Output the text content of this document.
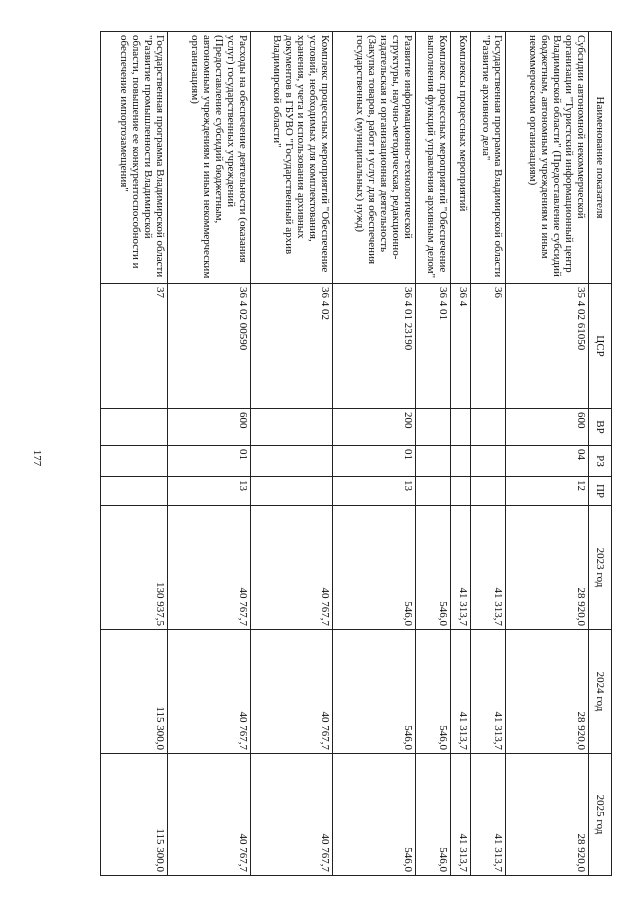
177
Наименование показателя	ЦСР	ВР	РЗ	ПР	2023 год	2024 год	2025 год
Субсидии автономной некоммерческой организации "Туристский информационный центр Владимирской области" (Предоставление субсидий бюджетным, автономным учреждениям и иным некоммерческим организациям)	35 4 02 61050	600	04	12	28 920,0	28 920,0	28 920,0
Государственная программа Владимирской области "Развитие архивного дела"	36				41 313,7	41 313,7	41 313,7
Комплексы процессных мероприятий	36 4				41 313,7	41 313,7	41 313,7
Комплекс процессных мероприятий "Обеспечение выполнения функций управления архивным делом"	36 4 01				546,0	546,0	546,0
Развитие информационно-технологической структуры, научно-методическая, редакционно-издательская и организационная деятельность (Закупка товаров, работ и услуг для обеспечения государственных (муниципальных) нужд)	36 4 01 23190	200	01	13	546,0	546,0	546,0
Комплекс процессных мероприятий "Обеспечение условий, необходимых для комплектования, хранения, учета и использования архивных документов в ГБУВО "Государственный архив Владимирской области"	36 4 02				40 767,7	40 767,7	40 767,7
Расходы на обеспечение деятельности (оказания услуг) государственных учреждений (Предоставление субсидий бюджетным, автономным учреждениям и иным некоммерческим организациям)	36 4 02 00590	600	01	13	40 767,7	40 767,7	40 767,7
Государственная программа Владимирской области "Развитие промышленности Владимирской области, повышение ее конкурентоспособности и обеспечение импортозамещения"	37				130 937,5	115 300,0	115 300,0
